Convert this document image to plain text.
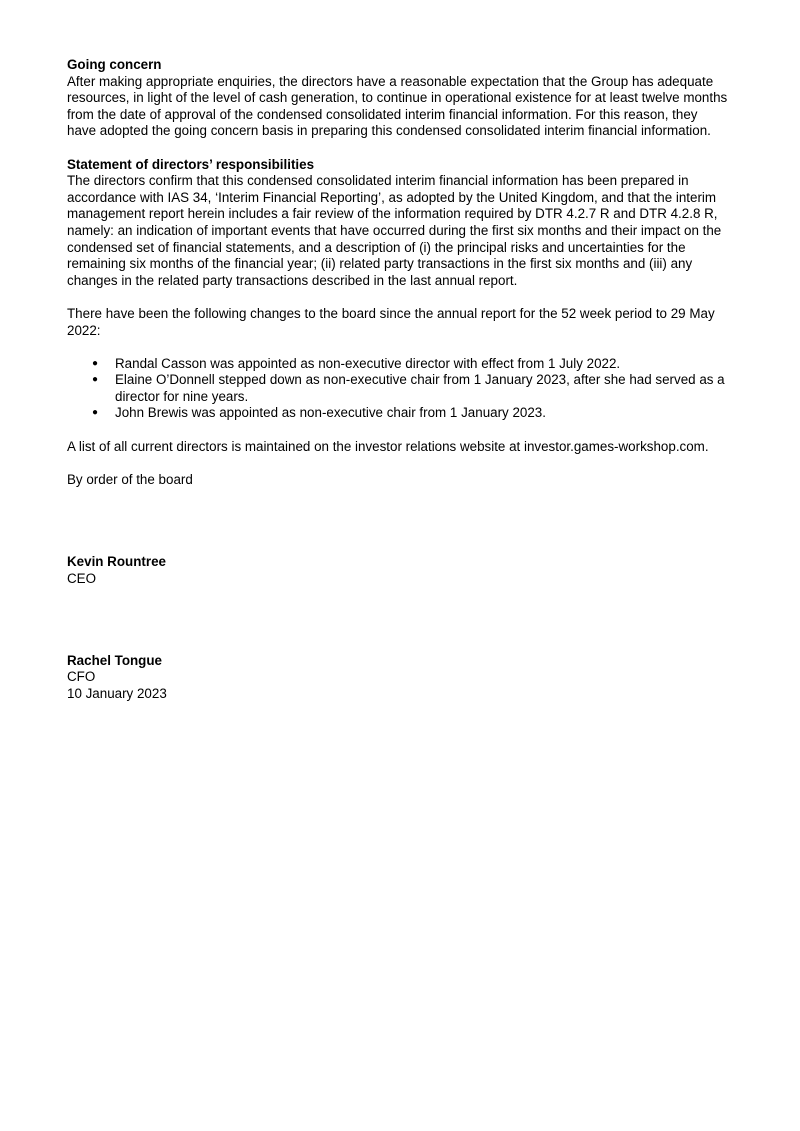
Going concern
After making appropriate enquiries, the directors have a reasonable expectation that the Group has adequate resources, in light of the level of cash generation, to continue in operational existence for at least twelve months from the date of approval of the condensed consolidated interim financial information. For this reason, they have adopted the going concern basis in preparing this condensed consolidated interim financial information.
Statement of directors’ responsibilities
The directors confirm that this condensed consolidated interim financial information has been prepared in accordance with IAS 34, ‘Interim Financial Reporting’, as adopted by the United Kingdom, and that the interim management report herein includes a fair review of the information required by DTR 4.2.7 R and DTR 4.2.8 R, namely: an indication of important events that have occurred during the first six months and their impact on the condensed set of financial statements, and a description of (i) the principal risks and uncertainties for the remaining six months of the financial year; (ii) related party transactions in the first six months and (iii) any changes in the related party transactions described in the last annual report.
There have been the following changes to the board since the annual report for the 52 week period to 29 May 2022:
● Randal Casson was appointed as non-executive director with effect from 1 July 2022.
● Elaine O’Donnell stepped down as non-executive chair from 1 January 2023, after she had served as a director for nine years.
● John Brewis was appointed as non-executive chair from 1 January 2023.
A list of all current directors is maintained on the investor relations website at investor.games-workshop.com.
By order of the board
Kevin Rountree
CEO
Rachel Tongue
CFO
10 January 2023
